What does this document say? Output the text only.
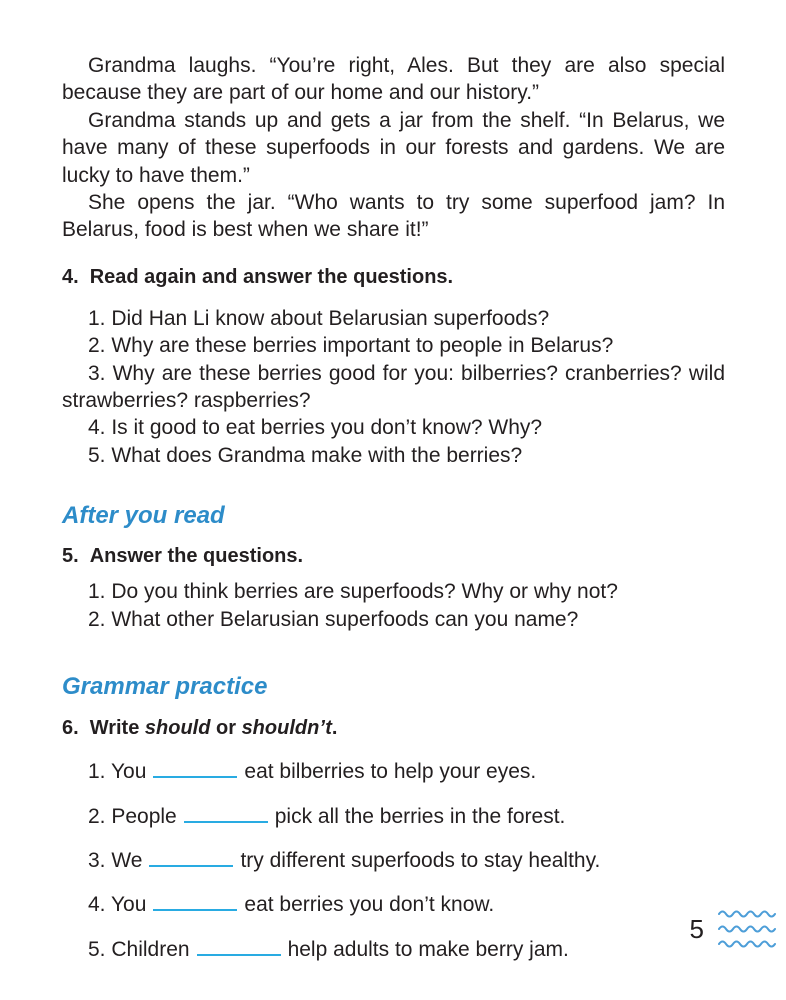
Grandma laughs. “You’re right, Ales. But they are also special because they are part of our home and our history.”

Grandma stands up and gets a jar from the shelf. “In Belarus, we have many of these superfoods in our forests and gardens. We are lucky to have them.”

She opens the jar. “Who wants to try some superfood jam? In Belarus, food is best when we share it!”

4. Read again and answer the questions.

1. Did Han Li know about Belarusian superfoods?

2. Why are these berries important to people in Belarus?

3. Why are these berries good for you: bilberries? cranberries? wild strawberries? raspberries?

4. Is it good to eat berries you don’t know? Why?

5. What does Grandma make with the berries?

After you read

5. Answer the questions.

1. Do you think berries are superfoods? Why or why not?

2. What other Belarusian superfoods can you name?

Grammar practice

6. Write should or shouldn’t.

1. You	eat bilberries to help your eyes.

2. People	pick all the berries in the forest.

3. We	try different superfoods to stay healthy.

4. You	eat berries you don’t know.

5. Children	help adults to make berry jam.

5
